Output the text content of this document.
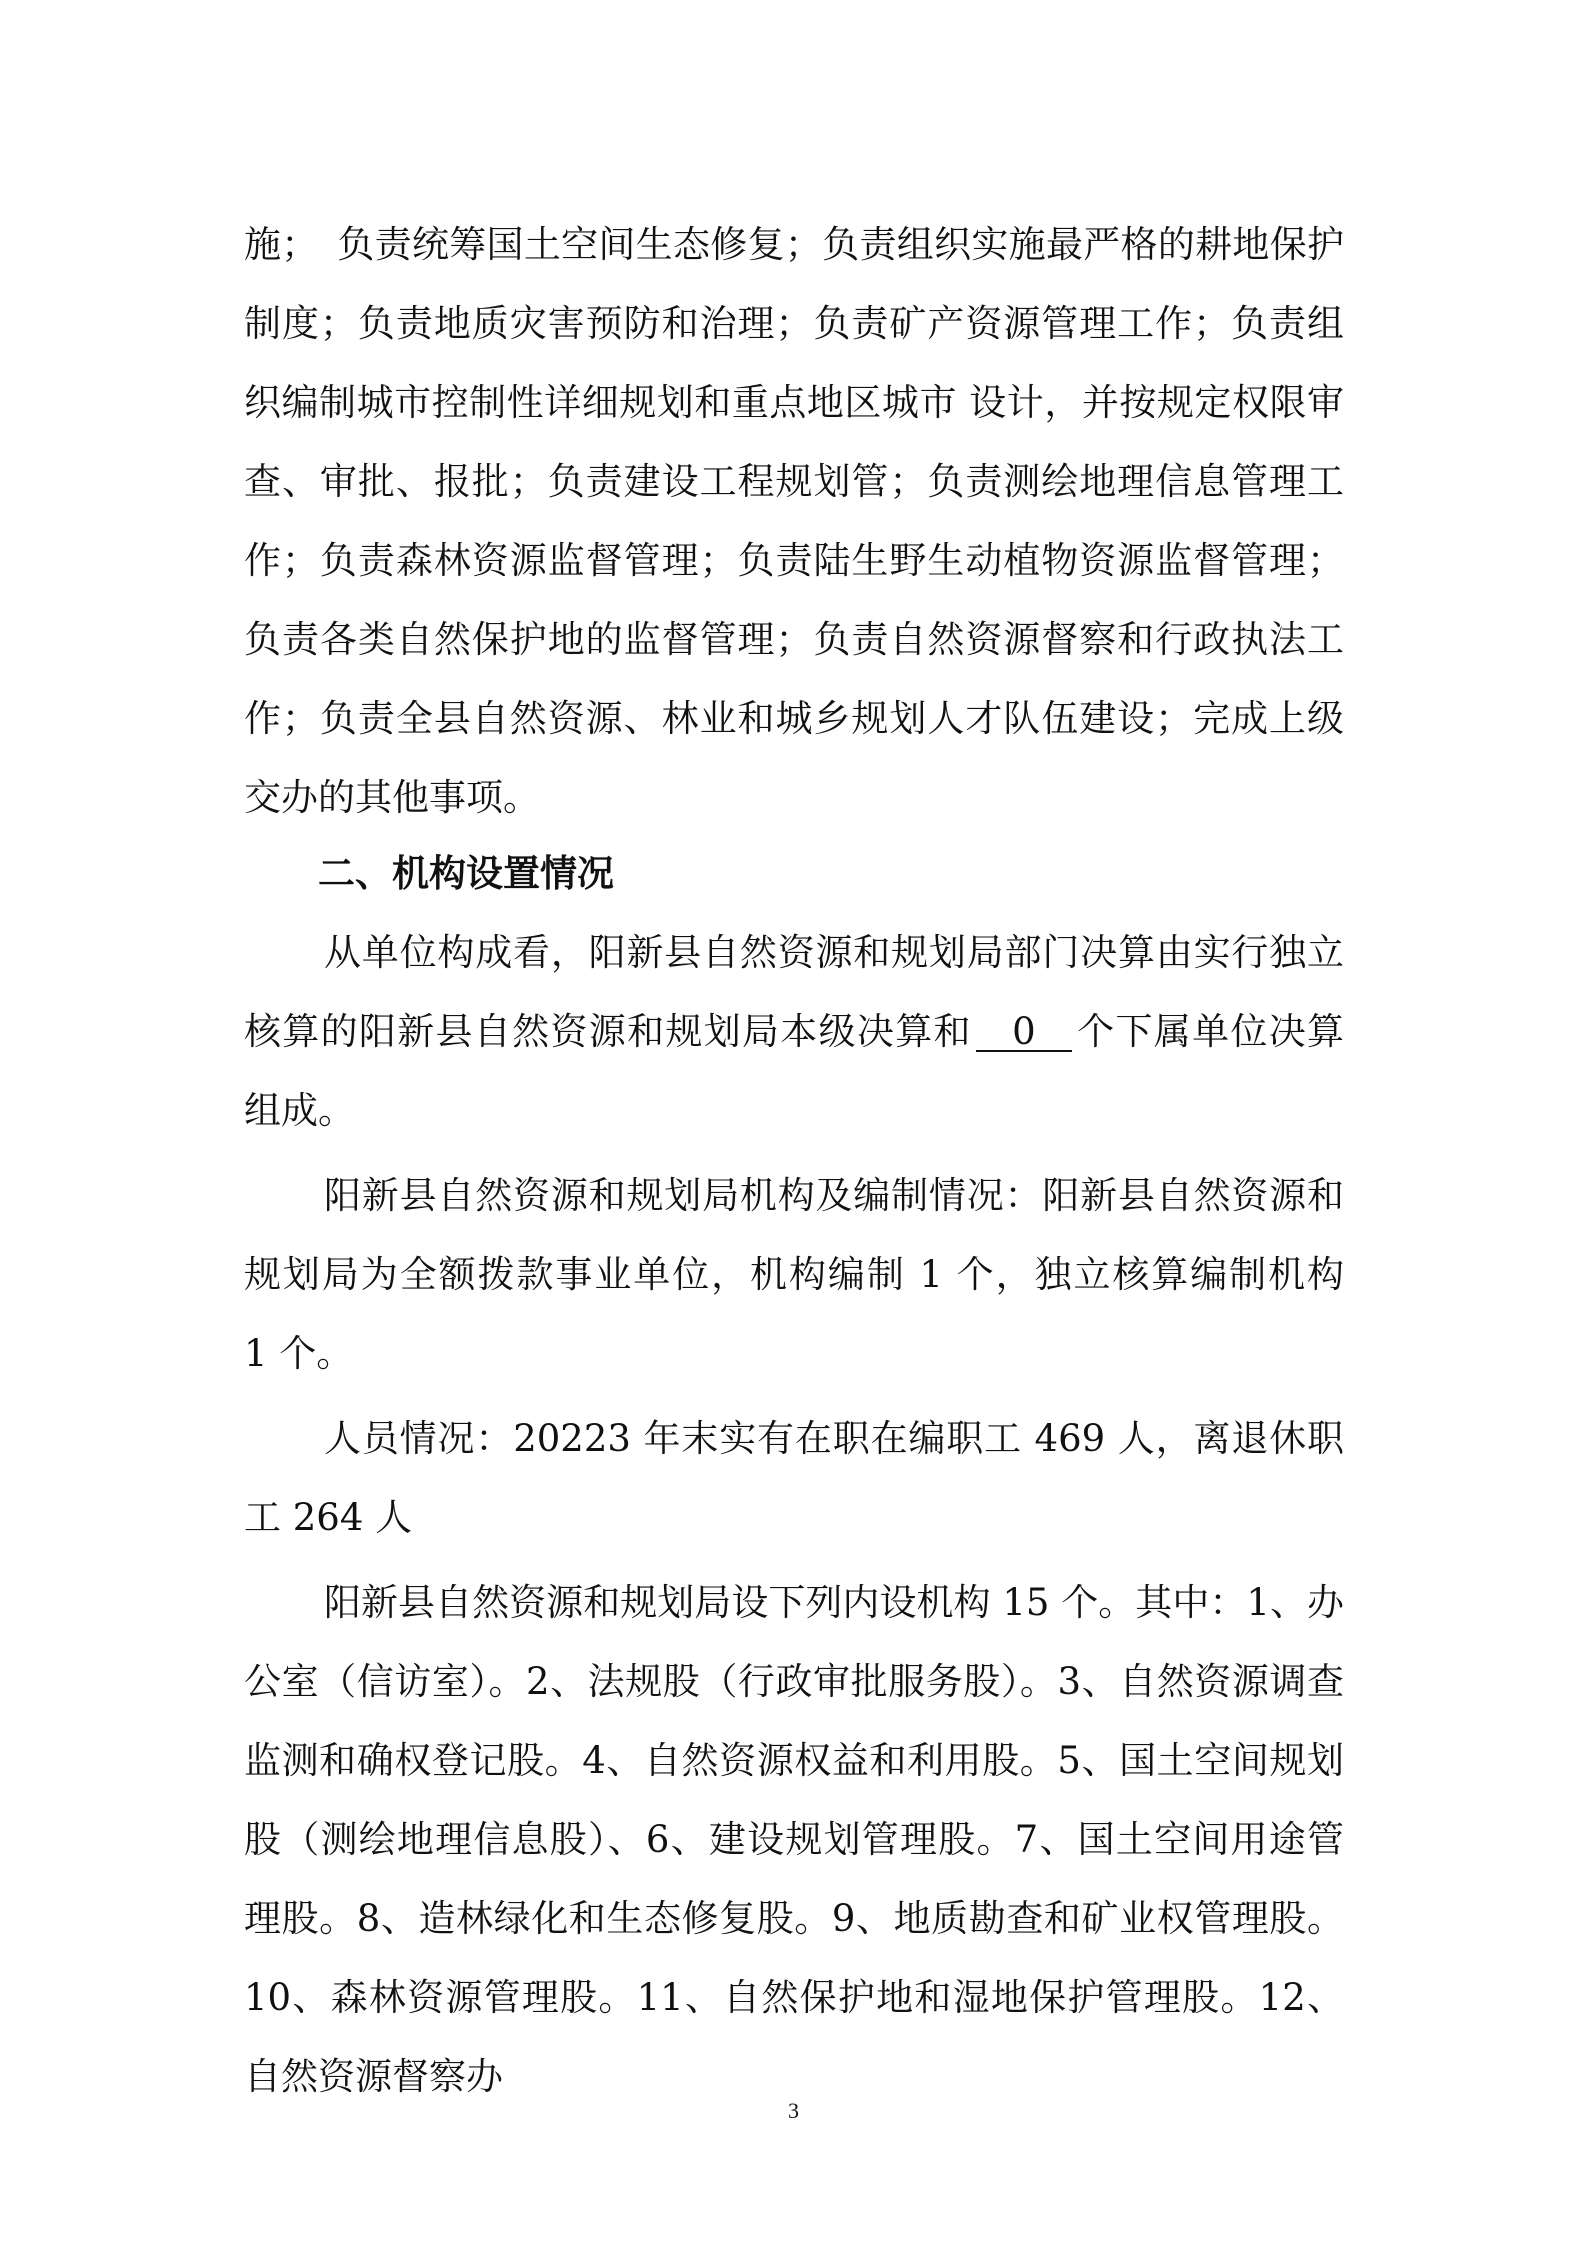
施；　负责统筹国土空间生态修复；负责组织实施最严格的耕地保护制度；负责地质灾害预防和治理；负责矿产资源管理工作；负责组织编制城市控制性详细规划和重点地区城市 设计，并按规定权限审查、审批、报批；负责建设工程规划管；负责测绘地理信息管理工作；负责森林资源监督管理；负责陆生野生动植物资源监督管理；负责各类自然保护地的监督管理；负责自然资源督察和行政执法工作；负责全县自然资源、林业和城乡规划人才队伍建设；完成上级交办的其他事项。

二、机构设置情况

从单位构成看，阳新县自然资源和规划局部门决算由实行独立核算的阳新县自然资源和规划局本级决算和 0 个下属单位决算组成。

阳新县自然资源和规划局机构及编制情况：阳新县自然资源和规划局为全额拨款事业单位，机构编制 1 个，独立核算编制机构　1 个。

人员情况：20223 年末实有在职在编职工 469 人，离退休职工 264 人

阳新县自然资源和规划局设下列内设机构 15 个。其中：1、办公室（信访室）。2、法规股（行政审批服务股）。3、自然资源调查监测和确权登记股。4、自然资源权益和利用股。5、国土空间规划股（测绘地理信息股）、6、建设规划管理股。7、国土空间用途管理股。8、造林绿化和生态修复股。9、地质勘查和矿业权管理股。10、森林资源管理股。11、自然保护地和湿地保护管理股。12、自然资源督察办

3
